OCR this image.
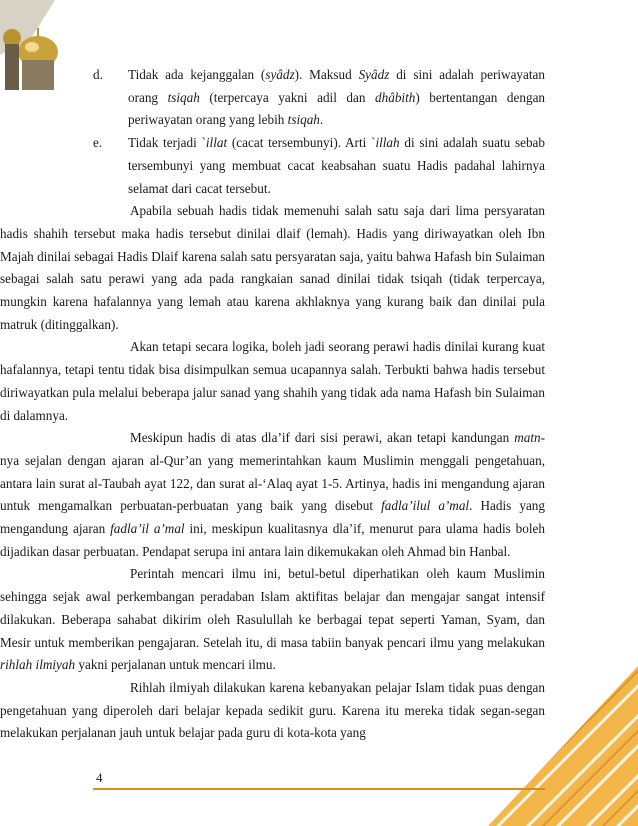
d.	Tidak ada kejanggalan (syâdz). Maksud Syâdz di sini adalah periwayatan orang tsiqah (terpercaya yakni adil dan dhâbith) bertentangan dengan periwayatan orang yang lebih tsiqah.
e.	Tidak terjadi `illat (cacat tersembunyi). Arti `illah di sini adalah suatu sebab tersembunyi yang membuat cacat keabsahan suatu Hadis padahal lahirnya selamat dari cacat tersebut.

Apabila sebuah hadis tidak memenuhi salah satu saja dari lima persyaratan hadis shahih tersebut maka hadis tersebut dinilai dlaif (lemah). Hadis yang diriwayatkan oleh Ibn Majah dinilai sebagai Hadis Dlaif karena salah satu persyaratan saja, yaitu bahwa Hafash bin Sulaiman sebagai salah satu perawi yang ada pada rangkaian sanad dinilai tidak tsiqah (tidak terpercaya, mungkin karena hafalannya yang lemah atau karena akhlaknya yang kurang baik dan dinilai pula matruk (ditinggalkan).

Akan tetapi secara logika, boleh jadi seorang perawi hadis dinilai kurang kuat hafalannya, tetapi tentu tidak bisa disimpulkan semua ucapannya salah. Terbukti bahwa hadis tersebut diriwayatkan pula melalui beberapa jalur sanad yang shahih yang tidak ada nama Hafash bin Sulaiman di dalamnya.

Meskipun hadis di atas dla’if dari sisi perawi, akan tetapi kandungan matn-nya sejalan dengan ajaran al-Qur’an yang memerintahkan kaum Muslimin menggali pengetahuan, antara lain surat al-Taubah ayat 122, dan surat al-‘Alaq ayat 1-5. Artinya, hadis ini mengandung ajaran untuk mengamalkan perbuatan-perbuatan yang baik yang disebut fadla’ilul a’mal. Hadis yang mengandung ajaran fadla’il a’mal ini, meskipun kualitasnya dla’if, menurut para ulama hadis boleh dijadikan dasar perbuatan. Pendapat serupa ini antara lain dikemukakan oleh Ahmad bin Hanbal.

Perintah mencari ilmu ini, betul-betul diperhatikan oleh kaum Muslimin sehingga sejak awal perkembangan peradaban Islam aktifitas belajar dan mengajar sangat intensif dilakukan. Beberapa sahabat dikirim oleh Rasulullah ke berbagai tepat seperti Yaman, Syam, dan Mesir untuk memberikan pengajaran. Setelah itu, di masa tabiin banyak pencari ilmu yang melakukan rihlah ilmiyah yakni perjalanan untuk mencari ilmu.

Rihlah ilmiyah dilakukan karena kebanyakan pelajar Islam tidak puas dengan pengetahuan yang diperoleh dari belajar kepada sedikit guru. Karena itu mereka tidak segan-segan melakukan perjalanan jauh untuk belajar pada guru di kota-kota yang

4
